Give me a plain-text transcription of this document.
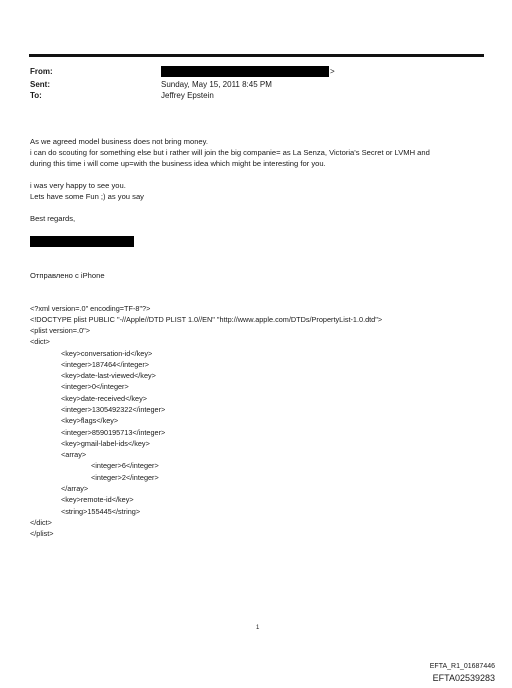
From:
Sent:
To:
>
Sunday, May 15, 2011 8:45 PM
Jeffrey Epstein
As we agreed model business does not bring money.
i can do scouting for something else but i rather will join the big companie= as La Senza, Victoria's Secret or LVMH and
during this time i will come up=with the business idea which might be interesting for you.
i was very happy to see you.
Lets have some Fun ;) as you say
Best regards,
Отправлено с iPhone
<?xml version=.0" encoding=TF-8"?>
<!DOCTYPE plist PUBLIC "-//Apple//DTD PLIST 1.0//EN" "http://www.apple.com/DTDs/PropertyList-1.0.dtd">
<plist version=.0">
<dict>
<key>conversation-id</key>
<integer>187464</integer>
<key>date-last-viewed</key>
<integer>0</integer>
<key>date-received</key>
<integer>1305492322</integer>
<key>flags</key>
<integer>8590195713</integer>
<key>gmail-label-ids</key>
<array>
<integer>6</integer>
<integer>2</integer>
</array>
<key>remote-id</key>
<string>155445</string>
</dict>
</plist>
1
EFTA_R1_01687446
EFTA02539283
